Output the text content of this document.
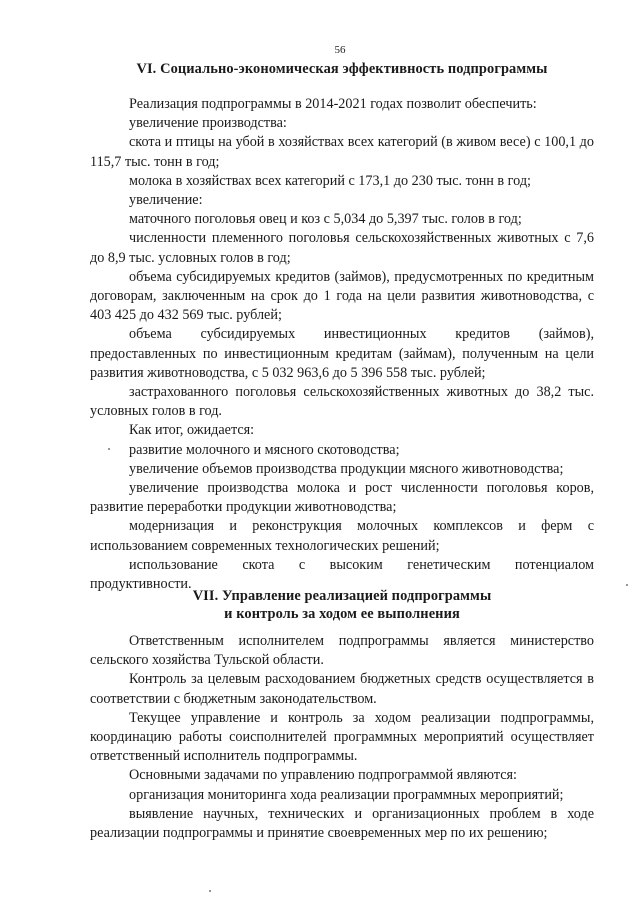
56
VI. Социально-экономическая эффективность подпрограммы

Реализация подпрограммы в 2014-2021 годах позволит обеспечить:

увеличение производства:

скота и птицы на убой в хозяйствах всех категорий (в живом весе) с 100,1 до 115,7 тыс. тонн в год;

молока в хозяйствах всех категорий с 173,1 до 230 тыс. тонн в год;

увеличение:

маточного поголовья овец и коз с 5,034 до 5,397 тыс. голов в год;

численности племенного поголовья сельскохозяйственных животных с 7,6 до 8,9 тыс. условных голов в год;

объема субсидируемых кредитов (займов), предусмотренных по кредитным договорам, заключенным на срок до 1 года на цели развития животноводства, с 403 425 до 432 569 тыс. рублей;

объема субсидируемых инвестиционных кредитов (займов), предоставленных по инвестиционным кредитам (займам), полученным на цели развития животноводства, с 5 032 963,6 до 5 396 558 тыс. рублей;

застрахованного поголовья сельскохозяйственных животных до 38,2 тыс. условных голов в год.

Как итог, ожидается:

развитие молочного и мясного скотоводства;

увеличение объемов производства продукции мясного животноводства;

увеличение производства молока и рост численности поголовья коров, развитие переработки продукции животноводства;

модернизация и реконструкция молочных комплексов и ферм с использованием современных технологических решений;

использование скота с высоким генетическим потенциалом продуктивности.

VII. Управление реализацией подпрограммы
и контроль за ходом ее выполнения

Ответственным исполнителем подпрограммы является министерство сельского хозяйства Тульской области.

Контроль за целевым расходованием бюджетных средств осуществляется в соответствии с бюджетным законодательством.

Текущее управление и контроль за ходом реализации подпрограммы, координацию работы соисполнителей программных мероприятий осуществляет ответственный исполнитель подпрограммы.

Основными задачами по управлению подпрограммой являются:

организация мониторинга хода реализации программных мероприятий;

выявление научных, технических и организационных проблем в ходе реализации подпрограммы и принятие своевременных мер по их решению;
